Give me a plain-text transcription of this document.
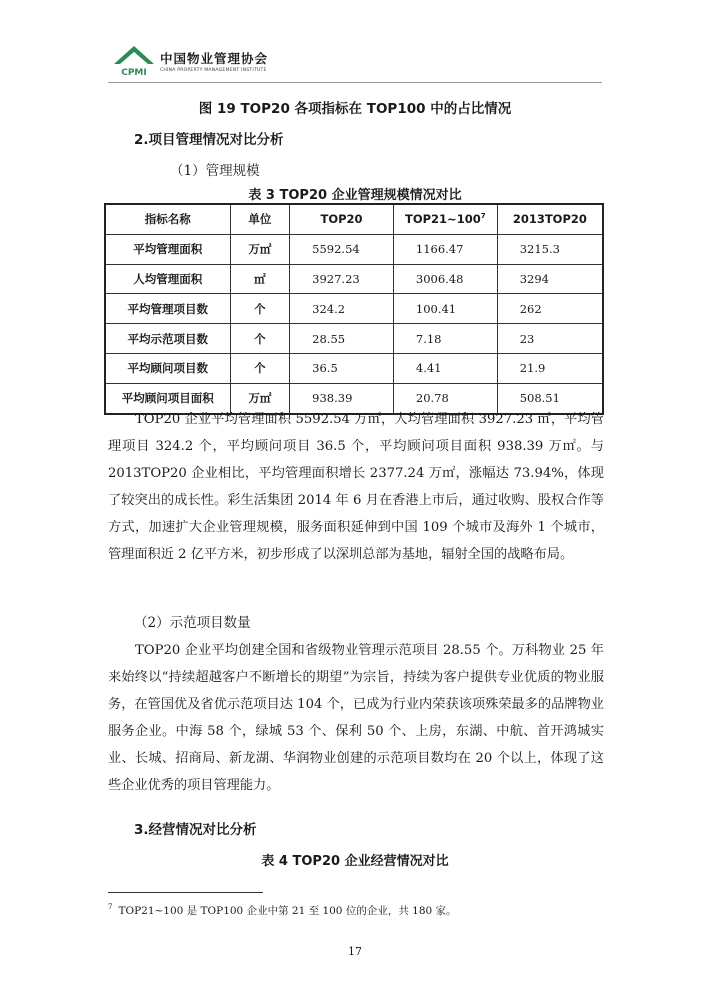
CPMI
中国物业管理协会
CHINA PROPERTY MANAGEMENT INSTITUTE
图 19 TOP20 各项指标在 TOP100 中的占比情况
2.项目管理情况对比分析
（1）管理规模
表 3 TOP20 企业管理规模情况对比
指标名称	单位	TOP20	$TOP21\sim 100^7$	2013TOP20
平均管理面积	万㎡	5592.54	1166.47	3215.3
人均管理面积	㎡	3927.23	3006.48	3294
平均管理项目数	个	324.2	100.41	262
平均示范项目数	个	28.55	7.18	23
平均顾问项目数	个	36.5	4.41	21.9
平均顾问项目面积	万㎡	938.39	20.78	508.51
TOP20 企业平均管理面积 5592.54 万㎡，人均管理面积 3927.23 ㎡，平均管理项目 324.2 个，平均顾问项目 36.5 个，平均顾问项目面积 938.39 万㎡。与 2013TOP20 企业相比，平均管理面积增长 2377.24 万㎡，涨幅达 73.94%，体现了较突出的成长性。彩生活集团 2014 年 6 月在香港上市后，通过收购、股权合作等方式，加速扩大企业管理规模，服务面积延伸到中国 109 个城市及海外 1 个城市，管理面积近 2 亿平方米，初步形成了以深圳总部为基地，辐射全国的战略布局。
（2）示范项目数量
TOP20 企业平均创建全国和省级物业管理示范项目 28.55 个。万科物业 25 年来始终以“持续超越客户不断增长的期望”为宗旨，持续为客户提供专业优质的物业服务，在管国优及省优示范项目达 104 个，已成为行业内荣获该项殊荣最多的品牌物业服务企业。中海 58 个，绿城 53 个、保利 50 个、上房，东湖、中航、首开鸿城实业、长城、招商局、新龙湖、华润物业创建的示范项目数均在 20 个以上，体现了这些企业优秀的项目管理能力。
3.经营情况对比分析
表 4 TOP20 企业经营情况对比
$^7$ TOP21~100 是 TOP100 企业中第 21 至 100 位的企业，共 180 家。
17
